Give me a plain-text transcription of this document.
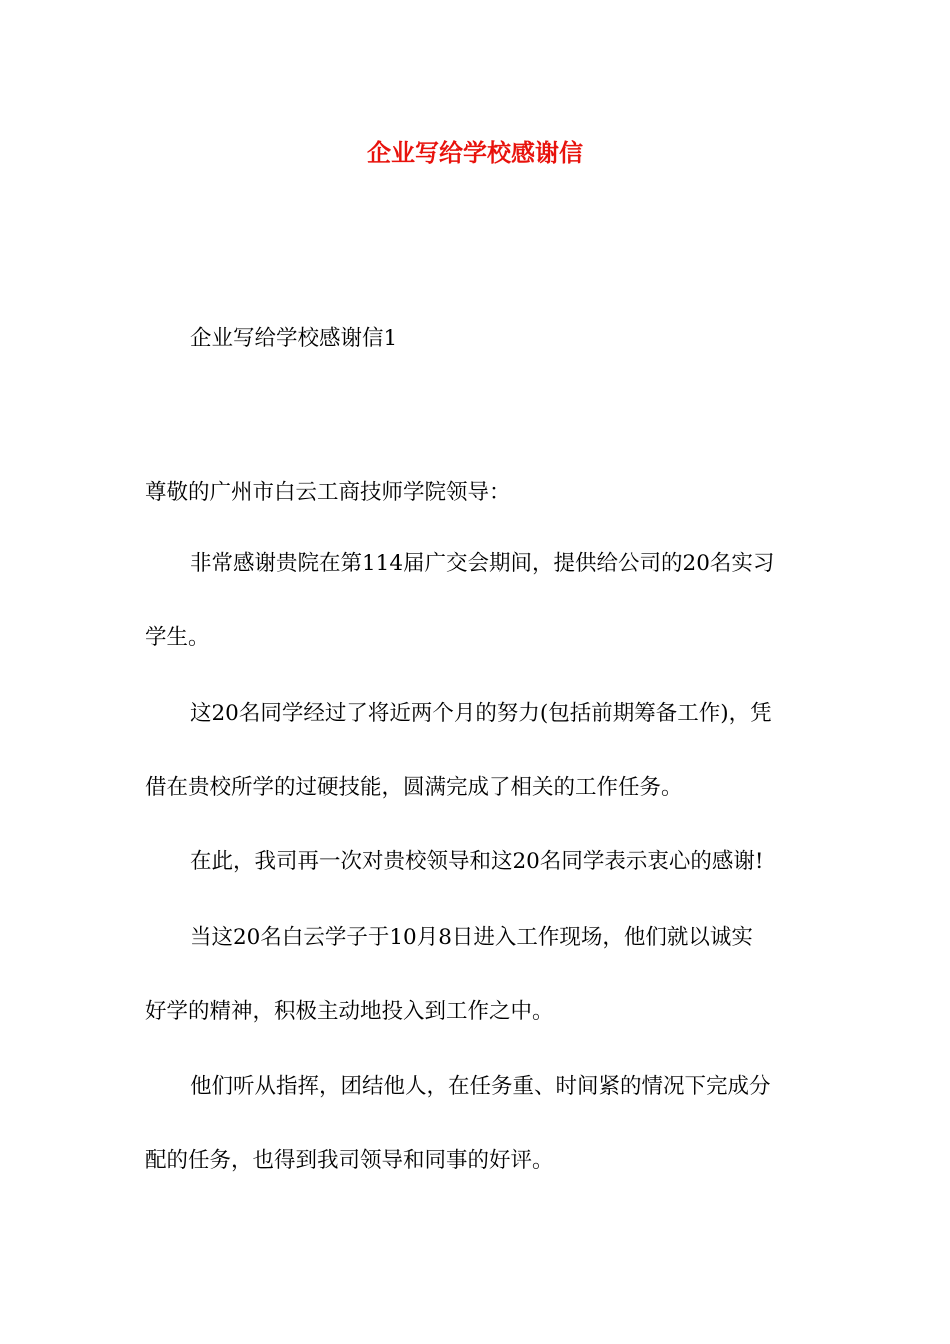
企业写给学校感谢信
企业写给学校感谢信1
尊敬的广州市白云工商技师学院领导：
非常感谢贵院在第114届广交会期间，提供给公司的20名实习
学生。
这20名同学经过了将近两个月的努力(包括前期筹备工作)，凭
借在贵校所学的过硬技能，圆满完成了相关的工作任务。
在此，我司再一次对贵校领导和这20名同学表示衷心的感谢!
当这20名白云学子于10月8日进入工作现场，他们就以诚实
好学的精神，积极主动地投入到工作之中。
他们听从指挥，团结他人，在任务重、时间紧的情况下完成分
配的任务，也得到我司领导和同事的好评。
